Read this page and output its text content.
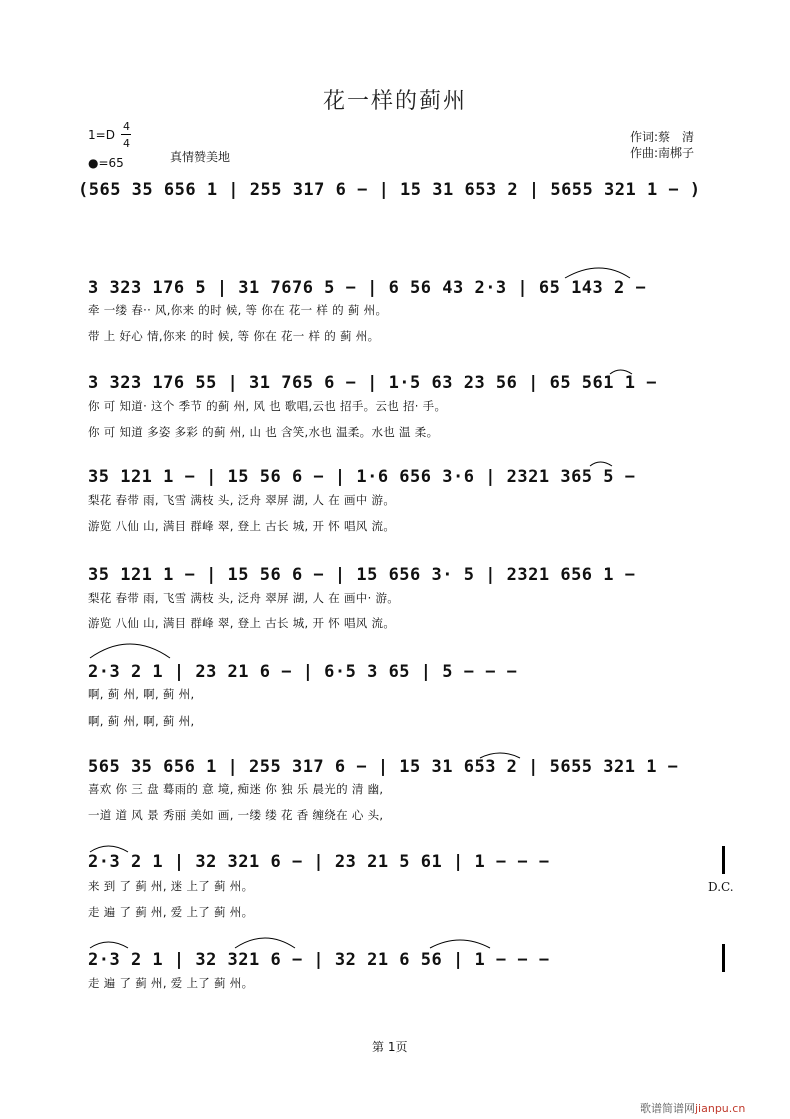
花一样的蓟州
1=D
4
4
●=65	真情赞美地
作词:蔡　清
作曲:南梆子
(565 35 656 1 | 255 317 6 − | 15 31 653 2 | 5655 321 1 − )
3 323 176 5 | 31 7676 5 − | 6 56 43 2·3 | 65 143 2 −
牵 一缕 春‧‧ 风,你来 的时 候, 等 你在 花一 样 的 蓟 州。
带 上 好心 情,你来 的时 候, 等 你在 花一 样 的 蓟 州。
3 323 176 55 | 31 765 6 − | 1·5 63 23 56 | 65 561 1 −
你 可 知道‧ 这个 季节 的蓟 州, 风 也 歌唱,云也 招手。云也 招‧ 手。
你 可 知道 多姿 多彩 的蓟 州, 山 也 含笑,水也 温柔。水也 温 柔。
35 121 1 − | 15 56 6 − | 1·6 656 3·6 | 2321 365 5 −
梨花 春带 雨, 飞雪 满枝 头, 泛舟 翠屏 湖, 人 在 画中 游。
游览 八仙 山, 满目 群峰 翠, 登上 古长 城, 开 怀 唱风 流。
35 121 1 − | 15 56 6 − | 15 656 3· 5 | 2321 656 1 −
梨花 春带 雨, 飞雪 满枝 头, 泛舟 翠屏 湖, 人 在 画中‧ 游。
游览 八仙 山, 满目 群峰 翠, 登上 古长 城, 开 怀 唱风 流。
2·3 2 1 | 23 21 6 − | 6·5 3 65 | 5 − − −
啊, 蓟 州, 啊, 蓟 州,
啊, 蓟 州, 啊, 蓟 州,
565 35 656 1 | 255 317 6 − | 15 31 653 2 | 5655 321 1 −
喜欢 你 三 盘 蓦雨的 意 境, 痴迷 你 独 乐 晨光的 清 幽,
一道 道 风 景 秀丽 美如 画, 一缕 缕 花 香 缠绕在 心 头,
2·3 2 1 | 32 321 6 − | 23 21 5 61 | 1 − − −
来 到 了 蓟 州, 迷 上了 蓟 州。
走 遍 了 蓟 州, 爱 上了 蓟 州。
D.C.
2·3 2 1 | 32 321 6 − | 32 21 6 56 | 1 − − −
走 遍 了 蓟 州, 爱 上了 蓟 州。
第 1页
歌谱简谱网jianpu.cn
